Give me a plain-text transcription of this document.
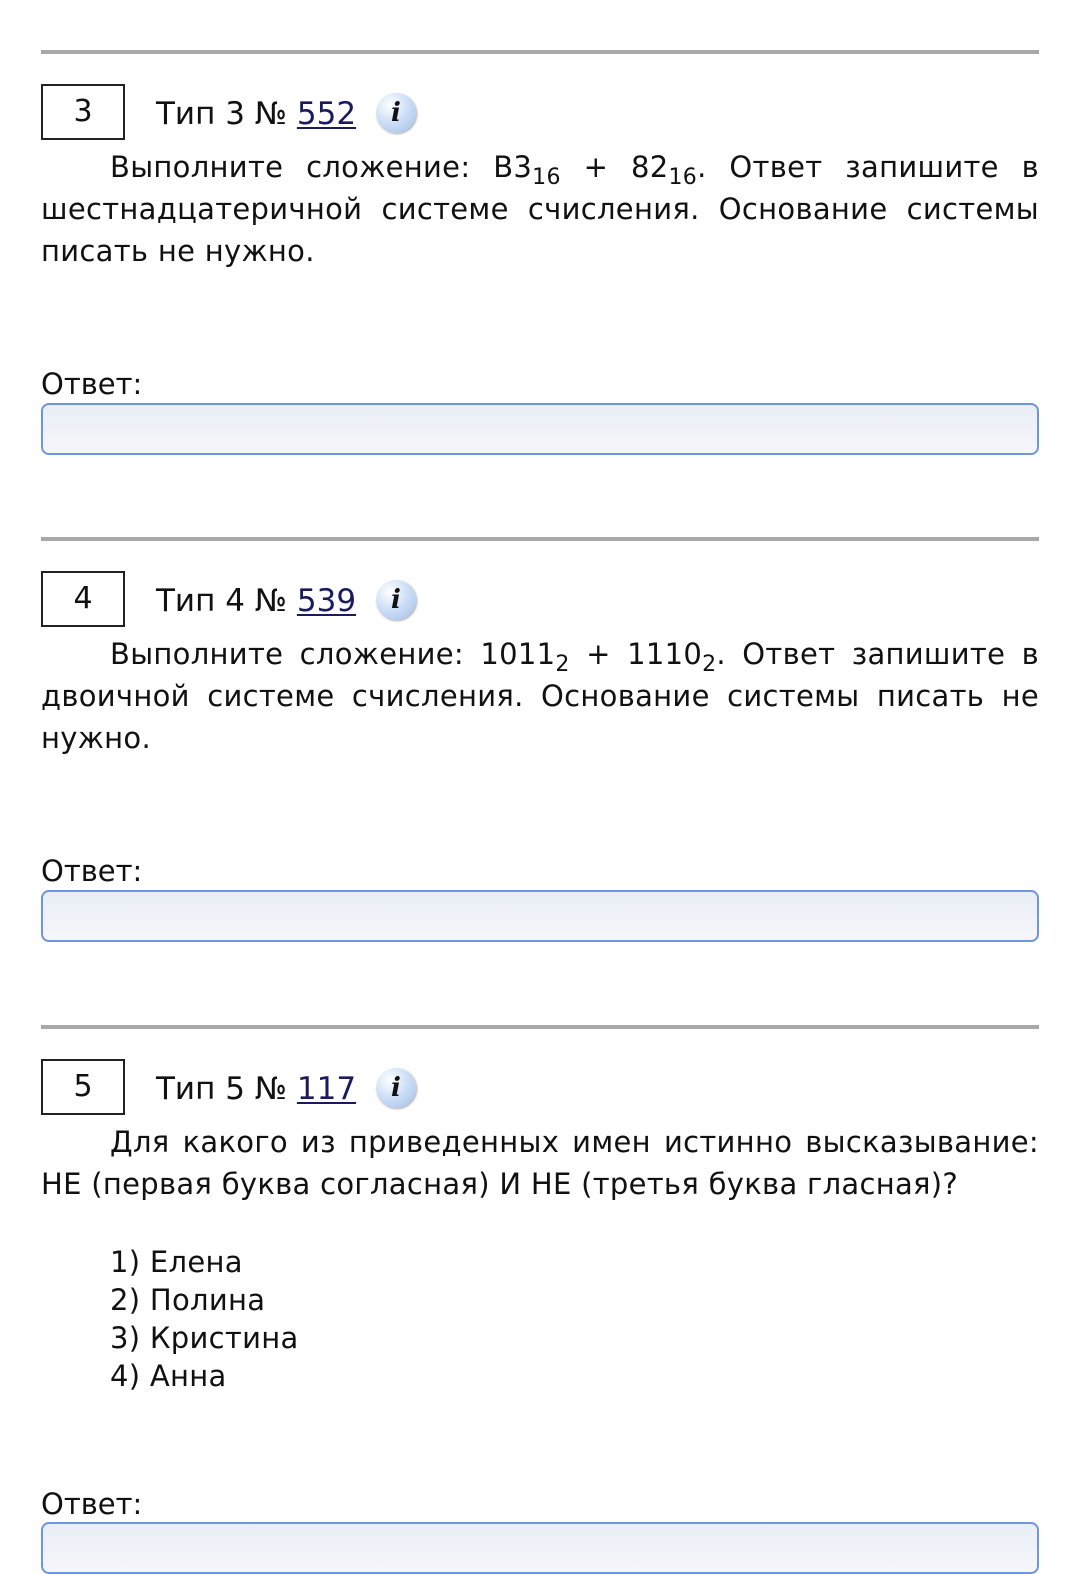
3	Тип 3 № 552 i

Выполните сложение: $B3_{16} + 82_{16}$. Ответ запишите в шестнадцатеричной системе счисления. Основание системы писать не нужно.

Ответ:
4	Тип 4 № 539 i

Выполните сложение: $1011_2 + 1110_2$. Ответ запишите в двоичной системе счисления. Основание системы писать не нужно.

Ответ:
5	Тип 5 № 117 i

Для какого из приведенных имен истинно высказывание: НЕ (первая буква согласная) И НЕ (третья буква гласная)?

1) Елена
2) Полина
3) Кристина
4) Анна
Ответ:
